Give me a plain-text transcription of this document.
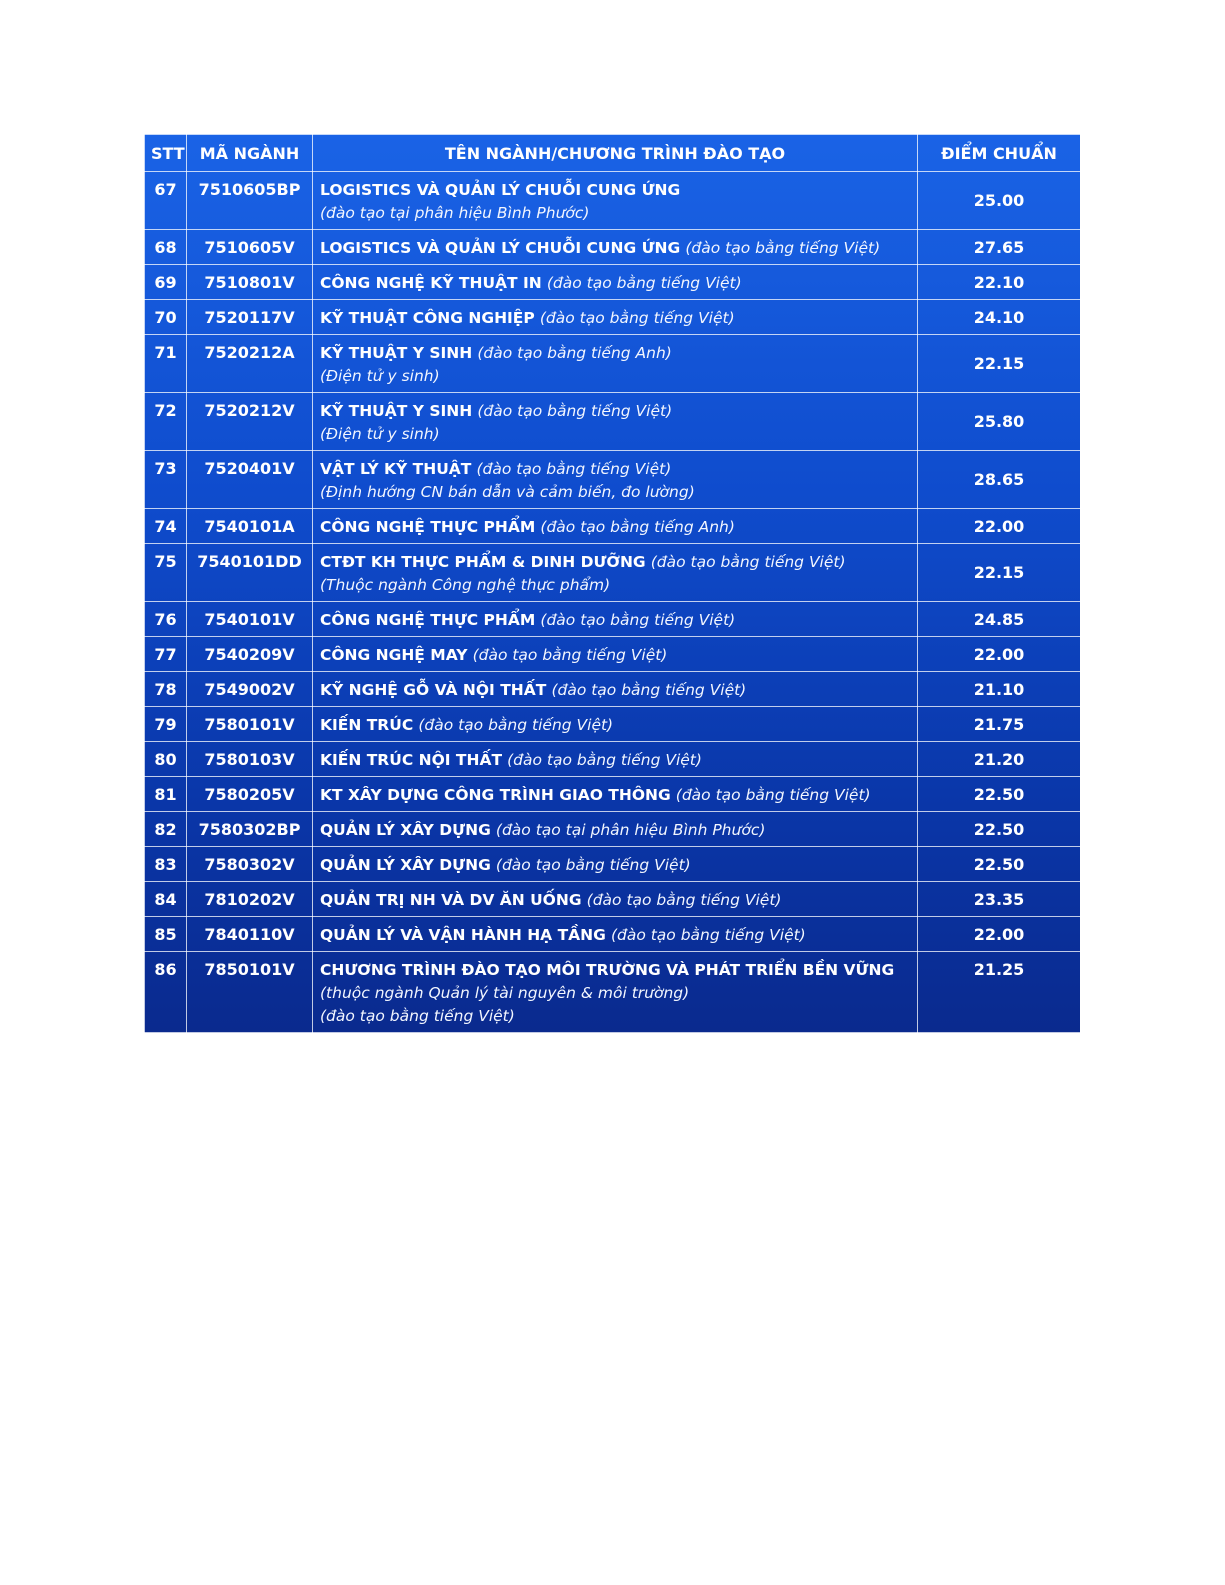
STT	MÃ NGÀNH	TÊN NGÀNH/CHƯƠNG TRÌNH ĐÀO TẠO	ĐIỂM CHUẨN
67	7510605BP	LOGISTICS VÀ QUẢN LÝ CHUỖI CUNG ỨNG
(đào tạo tại phân hiệu Bình Phước)	25.00
68	7510605V	LOGISTICS VÀ QUẢN LÝ CHUỖI CUNG ỨNG (đào tạo bằng tiếng Việt)	27.65
69	7510801V	CÔNG NGHỆ KỸ THUẬT IN (đào tạo bằng tiếng Việt)	22.10
70	7520117V	KỸ THUẬT CÔNG NGHIỆP (đào tạo bằng tiếng Việt)	24.10
71	7520212A	KỸ THUẬT Y SINH (đào tạo bằng tiếng Anh)
(Điện tử y sinh)	22.15
72	7520212V	KỸ THUẬT Y SINH (đào tạo bằng tiếng Việt)
(Điện tử y sinh)	25.80
73	7520401V	VẬT LÝ KỸ THUẬT (đào tạo bằng tiếng Việt)
(Định hướng CN bán dẫn và cảm biến, đo lường)	28.65
74	7540101A	CÔNG NGHỆ THỰC PHẨM (đào tạo bằng tiếng Anh)	22.00
75	7540101DD	CTĐT KH THỰC PHẨM & DINH DƯỠNG (đào tạo bằng tiếng Việt)
(Thuộc ngành Công nghệ thực phẩm)	22.15
76	7540101V	CÔNG NGHỆ THỰC PHẨM (đào tạo bằng tiếng Việt)	24.85
77	7540209V	CÔNG NGHỆ MAY (đào tạo bằng tiếng Việt)	22.00
78	7549002V	KỸ NGHỆ GỖ VÀ NỘI THẤT (đào tạo bằng tiếng Việt)	21.10
79	7580101V	KIẾN TRÚC (đào tạo bằng tiếng Việt)	21.75
80	7580103V	KIẾN TRÚC NỘI THẤT (đào tạo bằng tiếng Việt)	21.20
81	7580205V	KT XÂY DỰNG CÔNG TRÌNH GIAO THÔNG (đào tạo bằng tiếng Việt)	22.50
82	7580302BP	QUẢN LÝ XÂY DỰNG (đào tạo tại phân hiệu Bình Phước)	22.50
83	7580302V	QUẢN LÝ XÂY DỰNG (đào tạo bằng tiếng Việt)	22.50
84	7810202V	QUẢN TRỊ NH VÀ DV ĂN UỐNG (đào tạo bằng tiếng Việt)	23.35
85	7840110V	QUẢN LÝ VÀ VẬN HÀNH HẠ TẦNG (đào tạo bằng tiếng Việt)	22.00
86	7850101V	CHƯƠNG TRÌNH ĐÀO TẠO MÔI TRƯỜNG VÀ PHÁT TRIỂN BỀN VỮNG
(thuộc ngành Quản lý tài nguyên & môi trường)
(đào tạo bằng tiếng Việt)	21.25
